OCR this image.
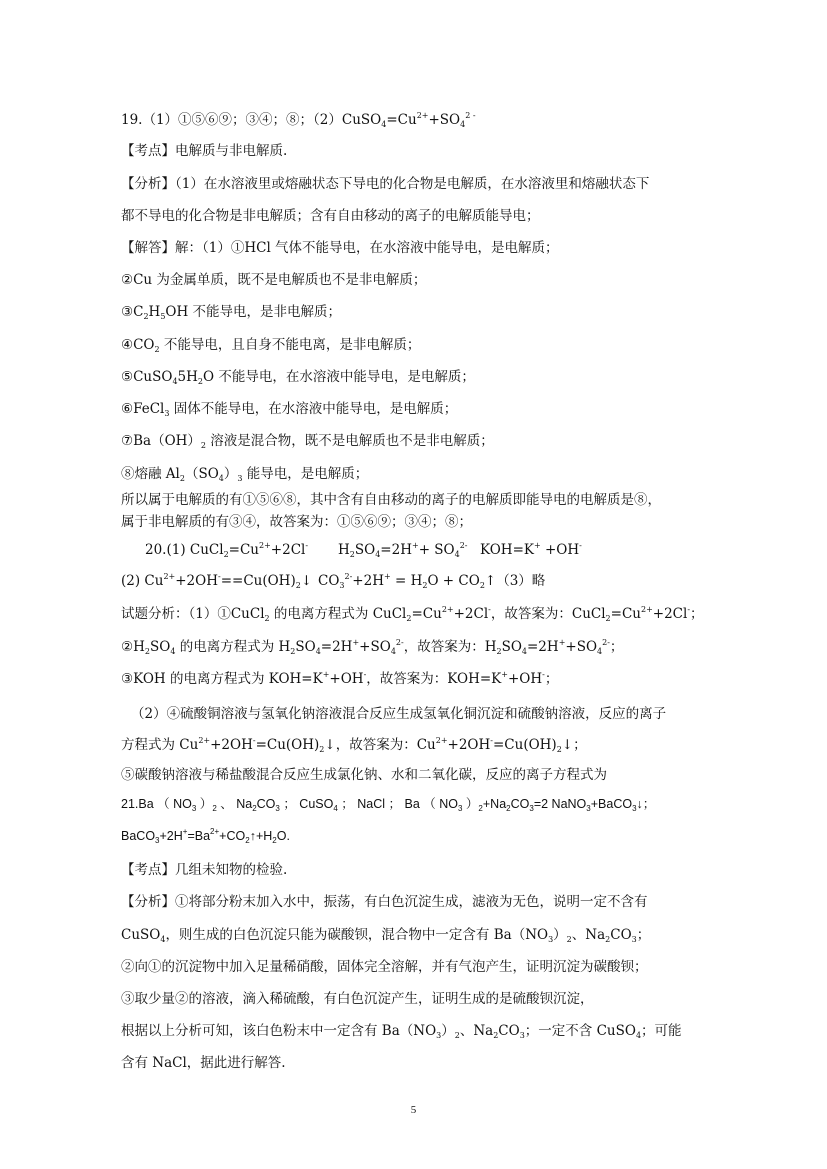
19.（1）①⑤⑥⑨；③④；⑧；$(2)CuSO_4=Cu^{2+}+SO_4^{2 -}$
【考点】电解质与非电解质.
【分析】（1）在水溶液里或熔融状态下导电的化合物是电解质，在水溶液里和熔融状态下
都不导电的化合物是非电解质；含有自由移动的离子的电解质能导电；
【解答】解：（1）①HCl 气体不能导电，在水溶液中能导电，是电解质；
②Cu 为金属单质，既不是电解质也不是非电解质；
$③C_2H_5OH$ 不能导电，是非电解质；
$④CO_2$ 不能导电，且自身不能电离，是非电解质；
$⑤CuSO_45H_2O$ 不能导电，在水溶液中能导电，是电解质；
⑥FeCl$_3$ 固体不能导电，在水溶液中能导电，是电解质；
$⑦Ba(OH)_2$ 溶液是混合物，既不是电解质也不是非电解质；
⑧熔融 $Al_2(SO_4)_3$ 能导电，是电解质；
所以属于电解质的有①⑤⑥⑧，其中含有自由移动的离子的电解质即能导电的电解质是⑧，
属于非电解质的有③④，故答案为：①⑤⑥⑨；③④；⑧；
20.(1) $CuCl_2=Cu^{2+}+2Cl^-$ $H_2SO_4=2H^++ SO_4^{2-}$ KOH=K+ +OH-
(2) $Cu^{2+}+2OH^-==Cu(OH)_2↓$ $CO_3^{2-}+2H^+ = H_2O$ + $CO_2↑(3)$略
试题分析：（1）①CuCl$_2$ 的电离方程式为 $CuCl_2=Cu^{2+}+2Cl^-$，故答案为：$CuCl_2=Cu^{2+}+2Cl^-$；
$②H_2SO_4$ 的电离方程式为 $H_2SO_4=2H^++SO_4^{2-}$，故答案为：$H_2SO_4=2H^++SO_4^{2-}$；
③KOH 的电离方程式为 KOH=K++OH-，故答案为：KOH=K++OH-；
（2）④硫酸铜溶液与氢氧化钠溶液混合反应生成氢氧化铜沉淀和硫酸钠溶液，反应的离子
方程式为 $Cu^{2+}+2OH^-=Cu(OH)_2↓$，故答案为：$Cu^{2+}+2OH^-=Cu(OH)_2↓$；
⑤碳酸钠溶液与稀盐酸混合反应生成氯化钠、水和二氧化碳，反应的离子方程式为
21.Ba （ $NO_3$ ）$_2$ 、 $Na_2CO_3$ ； CuSO$_4$ ； NaCl ； Ba （ $NO_3$ ）$_2+Na_2CO_3=2$ NaNO$_3$+BaCO$_3$↓；
$BaCO_3+2H^+=Ba^{2+}+CO_2↑+H_2O$.
【考点】几组未知物的检验.
【分析】①将部分粉末加入水中，振荡，有白色沉淀生成，滤液为无色，说明一定不含有
CuSO$_4$，则生成的白色沉淀只能为碳酸钡，混合物中一定含有 $Ba(NO_3)_2$、$Na_2CO_3$；
②向①的沉淀物中加入足量稀硝酸，固体完全溶解，并有气泡产生，证明沉淀为碳酸钡；
③取少量②的溶液，滴入稀硫酸，有白色沉淀产生，证明生成的是硫酸钡沉淀，
根据以上分析可知，该白色粉末中一定含有 $Ba(NO_3)_2$、$Na_2CO_3$；一定不含 CuSO$_4$；可能
含有 NaCl，据此进行解答.
5
